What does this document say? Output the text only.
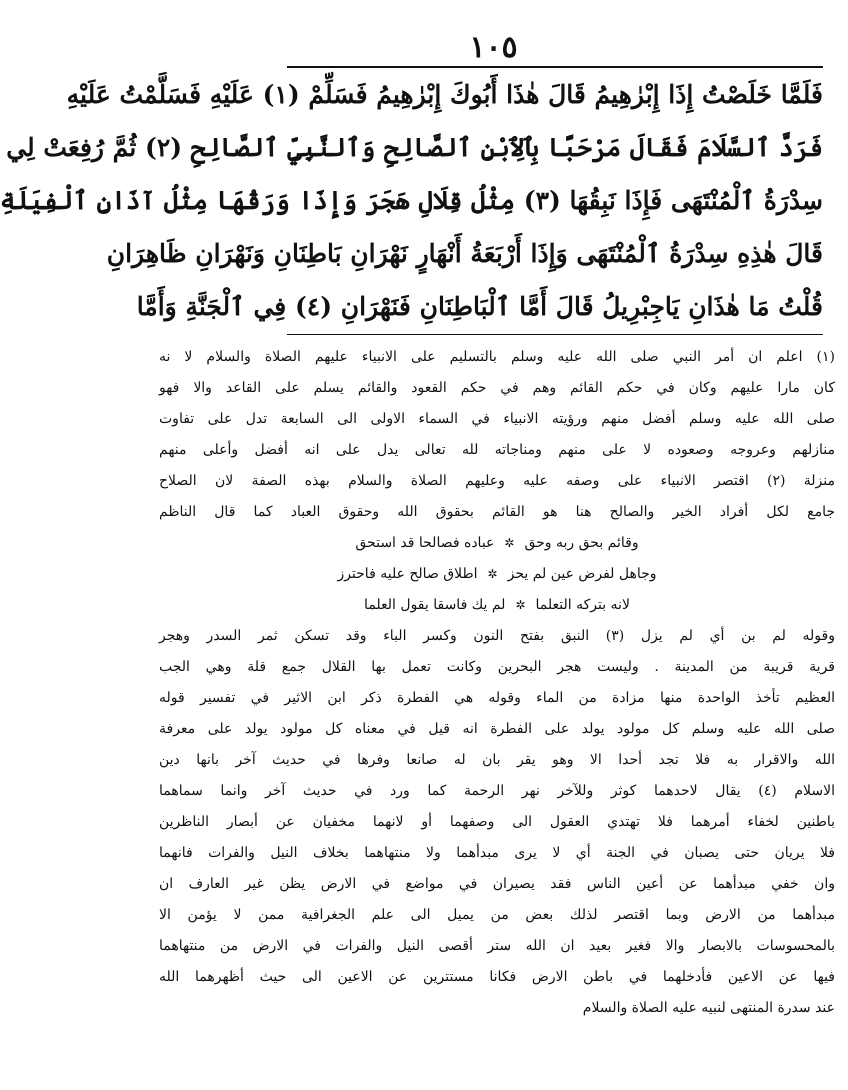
١٠٥
فَلَمَّا خَلَصْتُ إِذَا إِبْرٰهِيمُ قَالَ هٰذَا أَبُوكَ إِبْرٰهِيمُ فَسَلِّمْ (١) عَلَيْهِ فَسَلَّمْتُ عَلَيْهِ
فَرَدَّ ٱلسَّلَامَ فَقَالَ مَرْحَبًا بِٱلِٱبْنِ ٱلصَّالِحِ وَٱلنَّبِيِّ ٱلصَّالِحِ (٢) ثُمَّ رُفِعَتْ لِي
سِدْرَةُ ٱلْمُنْتَهَى فَإِذَا نَبِقُهَا (٣) مِثْلُ قِلَالِ هَجَرَ وَإِذَا وَرَقُهَا مِثْلُ آذَانِ ٱلْفِيَلَةِ
قَالَ هٰذِهِ سِدْرَةُ ٱلْمُنْتَهَى وَإِذَا أَرْبَعَةُ أَنْهَارٍ نَهْرَانِ بَاطِنَانِ وَنَهْرَانِ ظَاهِرَانِ
قُلْتُ مَا هٰذَانِ يَاجِبْرِيلُ قَالَ أَمَّا ٱلْبَاطِنَانِ فَنَهْرَانِ (٤) فِي ٱلْجَنَّةِ وَأَمَّا
(١) اعلم ان أمر النبي صلى الله عليه وسلم بالتسليم على الانبياء عليهم الصلاة والسلام لا نه
كان مارا عليهم وكان في حكم القائم وهم في حكم القعود والقائم يسلم على القاعد والا فهو
صلى الله عليه وسلم أفضل منهم ورؤيته الانبياء في السماء الاولى الى السابعة تدل على تفاوت
منازلهم وعروجه وصعوده لا على منهم ومناجاته لله تعالى يدل على انه أفضل وأعلى منهم
منزلة (٢) اقتصر الانبياء على وصفه عليه وعليهم الصلاة والسلام بهذه الصفة لان الصلاح
جامع لكل أفراد الخير والصالح هنا هو القائم بحقوق الله وحقوق العباد كما قال الناظم
وقائم بحق ربه وحق
✲
عباده فصالحا قد استحق
وجاهل لفرض عين لم يحز
✲
اطلاق صالح عليه فاحترز
لانه بتركه التعلما
✲
لم يك فاسقا يقول العلما
وقوله لم بن أي لم يزل (٣) النبق بفتح النون وكسر الباء وقد تسكن ثمر السدر وهجر
قرية قريبة من المدينة . وليست هجر البحرين وكانت تعمل بها القلال جمع قلة وهي الجب
العظيم تأخذ الواحدة منها مزادة من الماء وقوله هي الفطرة ذكر ابن الاثير في تفسير قوله
صلى الله عليه وسلم كل مولود يولد على الفطرة انه قيل في معناه كل مولود يولد على معرفة
الله والاقرار به فلا تجد أحدا الا وهو يقر بان له صانعا وفرها في حديث آخر بانها دين
الاسلام (٤) يقال لاحدهما كوثر وللآخر نهر الرحمة كما ورد في حديث آخر وانما سماهما
باطنين لخفاء أمرهما فلا تهتدي العقول الى وصفهما أو لانهما مخفيان عن أبصار الناظرين
فلا يريان حتى يصبان في الجنة أي لا يرى مبدأهما ولا منتهاهما بخلاف النيل والفرات فانهما
وان خفي مبدأهما عن أعين الناس فقد يصيران في مواضع في الارض يظن غير العارف ان
مبدأهما من الارض وبما اقتصر لذلك بعض من يميل الى علم الجغرافية ممن لا يؤمن الا
بالمحسوسات بالابصار والا فغير بعيد ان الله ستر أقصى النيل والفرات في الارض من منتهاهما
فيها عن الاعين فأدخلهما في باطن الارض فكانا مستترين عن الاعين الى حيث أظهرهما الله
عند سدرة المنتهى لنبيه عليه الصلاة والسلام
